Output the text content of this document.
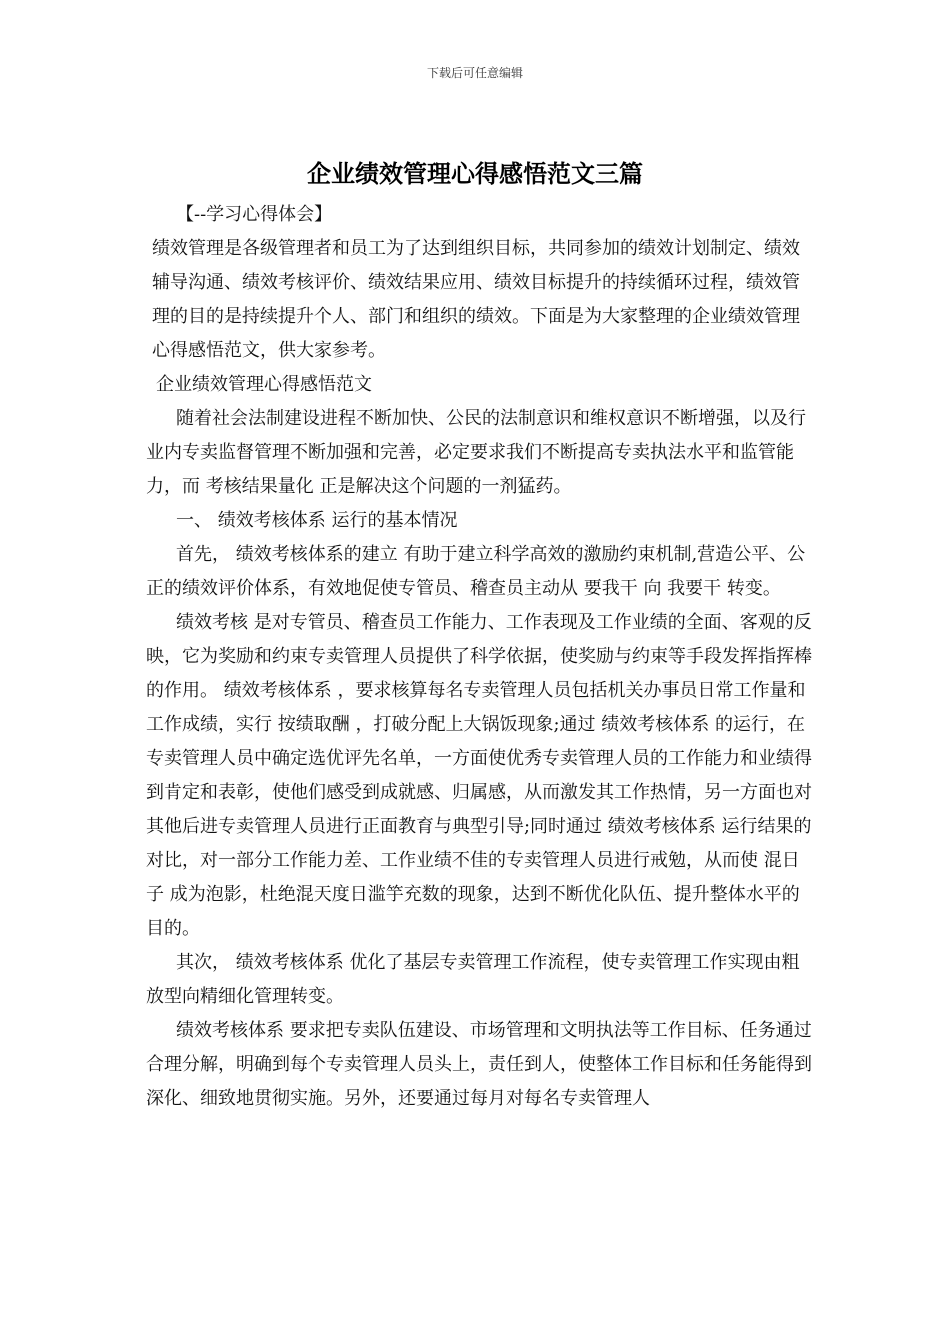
下载后可任意编辑
企业绩效管理心得感悟范文三篇

【--学习心得体会】

绩效管理是各级管理者和员工为了达到组织目标，共同参加的绩效计划制定、绩效辅导沟通、绩效考核评价、绩效结果应用、绩效目标提升的持续循环过程，绩效管理的目的是持续提升个人、部门和组织的绩效。下面是为大家整理的企业绩效管理心得感悟范文，供大家参考。

企业绩效管理心得感悟范文

随着社会法制建设进程不断加快、公民的法制意识和维权意识不断增强，以及行业内专卖监督管理不断加强和完善，必定要求我们不断提高专卖执法水平和监管能力，而 考核结果量化 正是解决这个问题的一剂猛药。

一、 绩效考核体系 运行的基本情况

首先， 绩效考核体系的建立 有助于建立科学高效的激励约束机制,营造公平、公正的绩效评价体系，有效地促使专管员、稽查员主动从 要我干 向 我要干 转变。

绩效考核 是对专管员、稽查员工作能力、工作表现及工作业绩的全面、客观的反映，它为奖励和约束专卖管理人员提供了科学依据，使奖励与约束等手段发挥指挥棒的作用。 绩效考核体系 ，要求核算每名专卖管理人员包括机关办事员日常工作量和工作成绩，实行 按绩取酬 ，打破分配上大锅饭现象;通过 绩效考核体系 的运行，在专卖管理人员中确定选优评先名单，一方面使优秀专卖管理人员的工作能力和业绩得到肯定和表彰，使他们感受到成就感、归属感，从而激发其工作热情，另一方面也对其他后进专卖管理人员进行正面教育与典型引导;同时通过 绩效考核体系 运行结果的对比，对一部分工作能力差、工作业绩不佳的专卖管理人员进行戒勉，从而使 混日子 成为泡影，杜绝混天度日滥竽充数的现象，达到不断优化队伍、提升整体水平的目的。

其次， 绩效考核体系 优化了基层专卖管理工作流程，使专卖管理工作实现由粗放型向精细化管理转变。

绩效考核体系 要求把专卖队伍建设、市场管理和文明执法等工作目标、任务通过合理分解，明确到每个专卖管理人员头上，责任到人，使整体工作目标和任务能得到深化、细致地贯彻实施。另外，还要通过每月对每名专卖管理人
